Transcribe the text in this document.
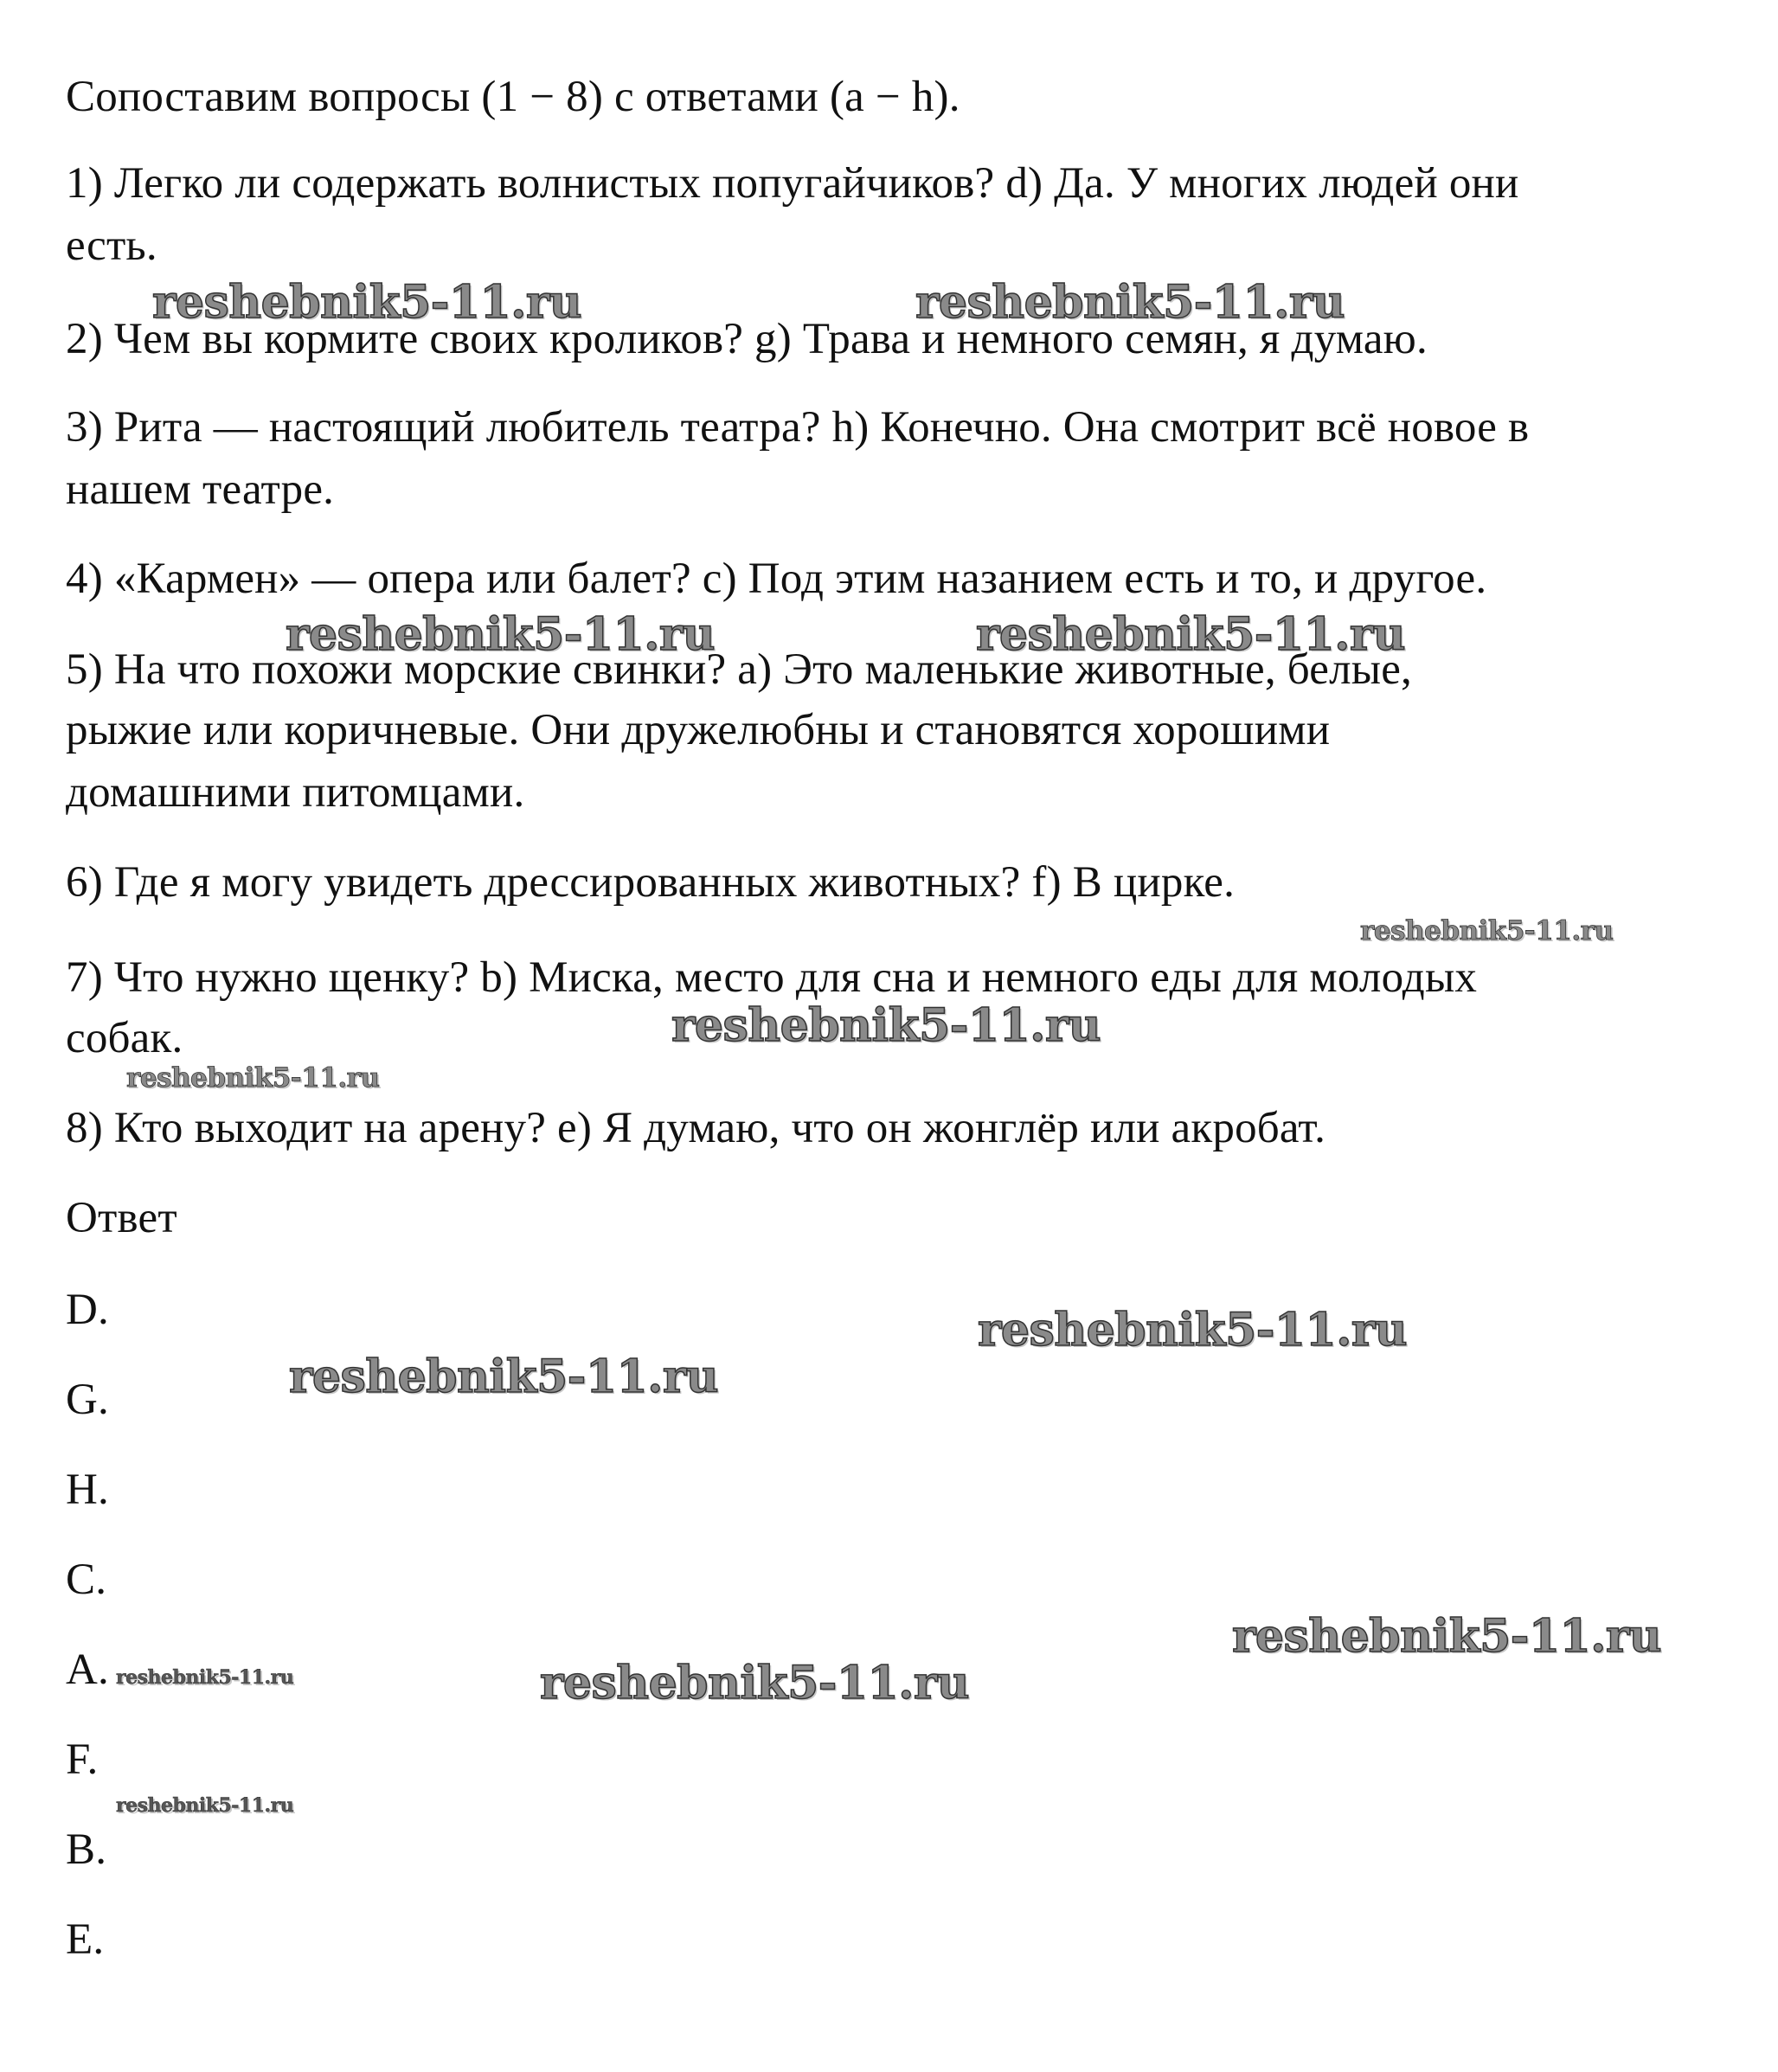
Сопоставим вопросы (1 − 8) с ответами (a − h).

1) Легко ли содержать волнистых попугайчиков? d) Да. У многих людей они

есть.

2) Чем вы кормите своих кроликов? g) Трава и немного семян, я думаю.

3) Рита — настоящий любитель театра? h) Конечно. Она смотрит всё новое в

нашем театре.

4) «Кармен» — опера или балет? c) Под этим назанием есть и то, и другое.

5) На что похожи морские свинки? a) Это маленькие животные, белые,

рыжие или коричневые. Они дружелюбны и становятся хорошими

домашними питомцами.

6) Где я могу увидеть дрессированных животных? f) В цирке.

7) Что нужно щенку? b) Миска, место для сна и немного еды для молодых

собак.

8) Кто выходит на арену? e) Я думаю, что он жонглёр или акробат.

Ответ

D.

G.

H.

C.

A.

F.

B.

E.

reshebnik5-11.ru	reshebnik5-11.ru

reshebnik5-11.ru	reshebnik5-11.ru

reshebnik5-11.ru

reshebnik5-11.ru

reshebnik5-11.ru

reshebnik5-11.ru

reshebnik5-11.ru

reshebnik5-11.ru

reshebnik5-11.ru	reshebnik5-11.ru

reshebnik5-11.ru
